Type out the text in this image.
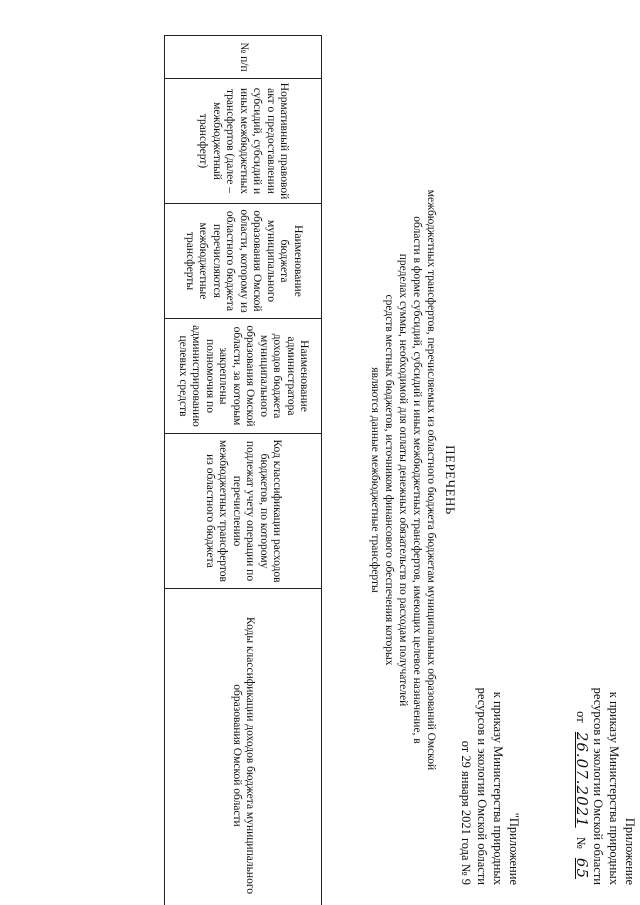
Приложение
к приказу Министерства природных
ресурсов и экологии Омской области
от 26.07.2021 № 65
"Приложение
к приказу Министерства природных
ресурсов и экологии Омской области
от 29 января 2021 года № 9
ПЕРЕЧЕНЬ
межбюджетных трансфертов, перечисляемых из областного бюджета бюджетам муниципальных образований Омской
области в форме субсидий, субсидий и иных межбюджетных трансфертов, имеющих целевое назначение, в
пределах суммы, необходимой для оплаты денежных обязательств по расходам получателей
средств местных бюджетов, источником финансового обеспечения которых
являются данные межбюджетные трансферты
№ п/п	Нормативный правовой акт о предоставлении субсидий, субсидий и иных межбюджетных трансфертов (далее – межбюджетный трансферт)	Наименование бюджета муниципального образования Омской области, которому из областного бюджета перечисляются межбюджетные трансферты	Наименование администратора доходов бюджета муниципального образования Омской области, за которым закреплены полномочия по администрированию целевых средств	Код классификации расходов бюджетов, по которому подлежат учету операции по перечислению межбюджетных трансфертов из областного бюджета	Коды классификации доходов бюджета муниципального образования Омской области
